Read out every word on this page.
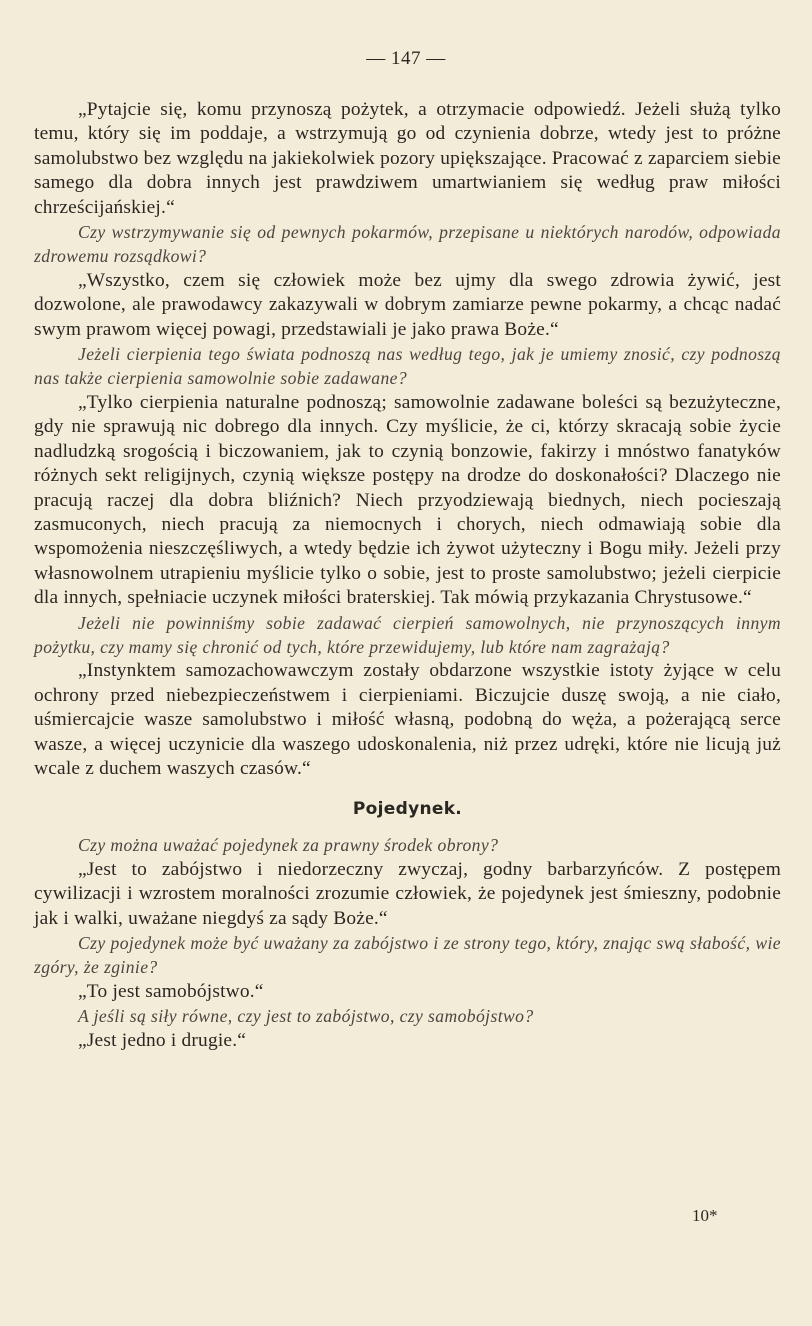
— 147 —

„Pytajcie się, komu przynoszą pożytek, a otrzymacie odpowiedź. Jeżeli służą tylko temu, który się im poddaje, a wstrzymują go od czynienia dobrze, wtedy jest to próżne samolubstwo bez względu na jakiekolwiek pozory upiększające. Pracować z zaparciem siebie samego dla dobra innych jest prawdziwem umartwianiem się według praw miłości chrześcijańskiej.“

Czy wstrzymywanie się od pewnych pokarmów, przepisane u niektórych narodów, odpowiada zdrowemu rozsądkowi?

„Wszystko, czem się człowiek może bez ujmy dla swego zdrowia żywić, jest dozwolone, ale prawodawcy zakazywali w dobrym zamiarze pewne pokarmy, a chcąc nadać swym prawom więcej powagi, przedstawiali je jako prawa Boże.“

Jeżeli cierpienia tego świata podnoszą nas według tego, jak je umiemy znosić, czy podnoszą nas także cierpienia samowolnie sobie zadawane?

„Tylko cierpienia naturalne podnoszą; samowolnie zadawane boleści są bezużyteczne, gdy nie sprawują nic dobrego dla innych. Czy myślicie, że ci, którzy skracają sobie życie nadludzką srogością i biczowaniem, jak to czynią bonzowie, fakirzy i mnóstwo fanatyków różnych sekt religijnych, czynią większe postępy na drodze do doskonałości? Dlaczego nie pracują raczej dla dobra bliźnich? Niech przyodziewają biednych, niech pocieszają zasmuconych, niech pracują za niemocnych i chorych, niech odmawiają sobie dla wspomożenia nieszczęśliwych, a wtedy będzie ich żywot użyteczny i Bogu miły. Jeżeli przy własnowolnem utrapieniu myślicie tylko o sobie, jest to proste samolubstwo; jeżeli cierpicie dla innych, spełniacie uczynek miłości braterskiej. Tak mówią przykazania Chrystusowe.“

Jeżeli nie powinniśmy sobie zadawać cierpień samowolnych, nie przynoszących innym pożytku, czy mamy się chronić od tych, które przewidujemy, lub które nam zagrażają?

„Instynktem samozachowawczym zostały obdarzone wszystkie istoty żyjące w celu ochrony przed niebezpieczeństwem i cierpieniami. Biczujcie duszę swoją, a nie ciało, uśmiercajcie wasze samolubstwo i miłość własną, podobną do węża, a pożerającą serce wasze, a więcej uczynicie dla waszego udoskonalenia, niż przez udręki, które nie licują już wcale z duchem waszych czasów.“

Pojedynek.

Czy można uważać pojedynek za prawny środek obrony?

„Jest to zabójstwo i niedorzeczny zwyczaj, godny barbarzyńców. Z postępem cywilizacji i wzrostem moralności zrozumie człowiek, że pojedynek jest śmieszny, podobnie jak i walki, uważane niegdyś za sądy Boże.“

Czy pojedynek może być uważany za zabójstwo i ze strony tego, który, znając swą słabość, wie zgóry, że zginie?

„To jest samobójstwo.“

A jeśli są siły równe, czy jest to zabójstwo, czy samobójstwo?

„Jest jedno i drugie.“

10*
